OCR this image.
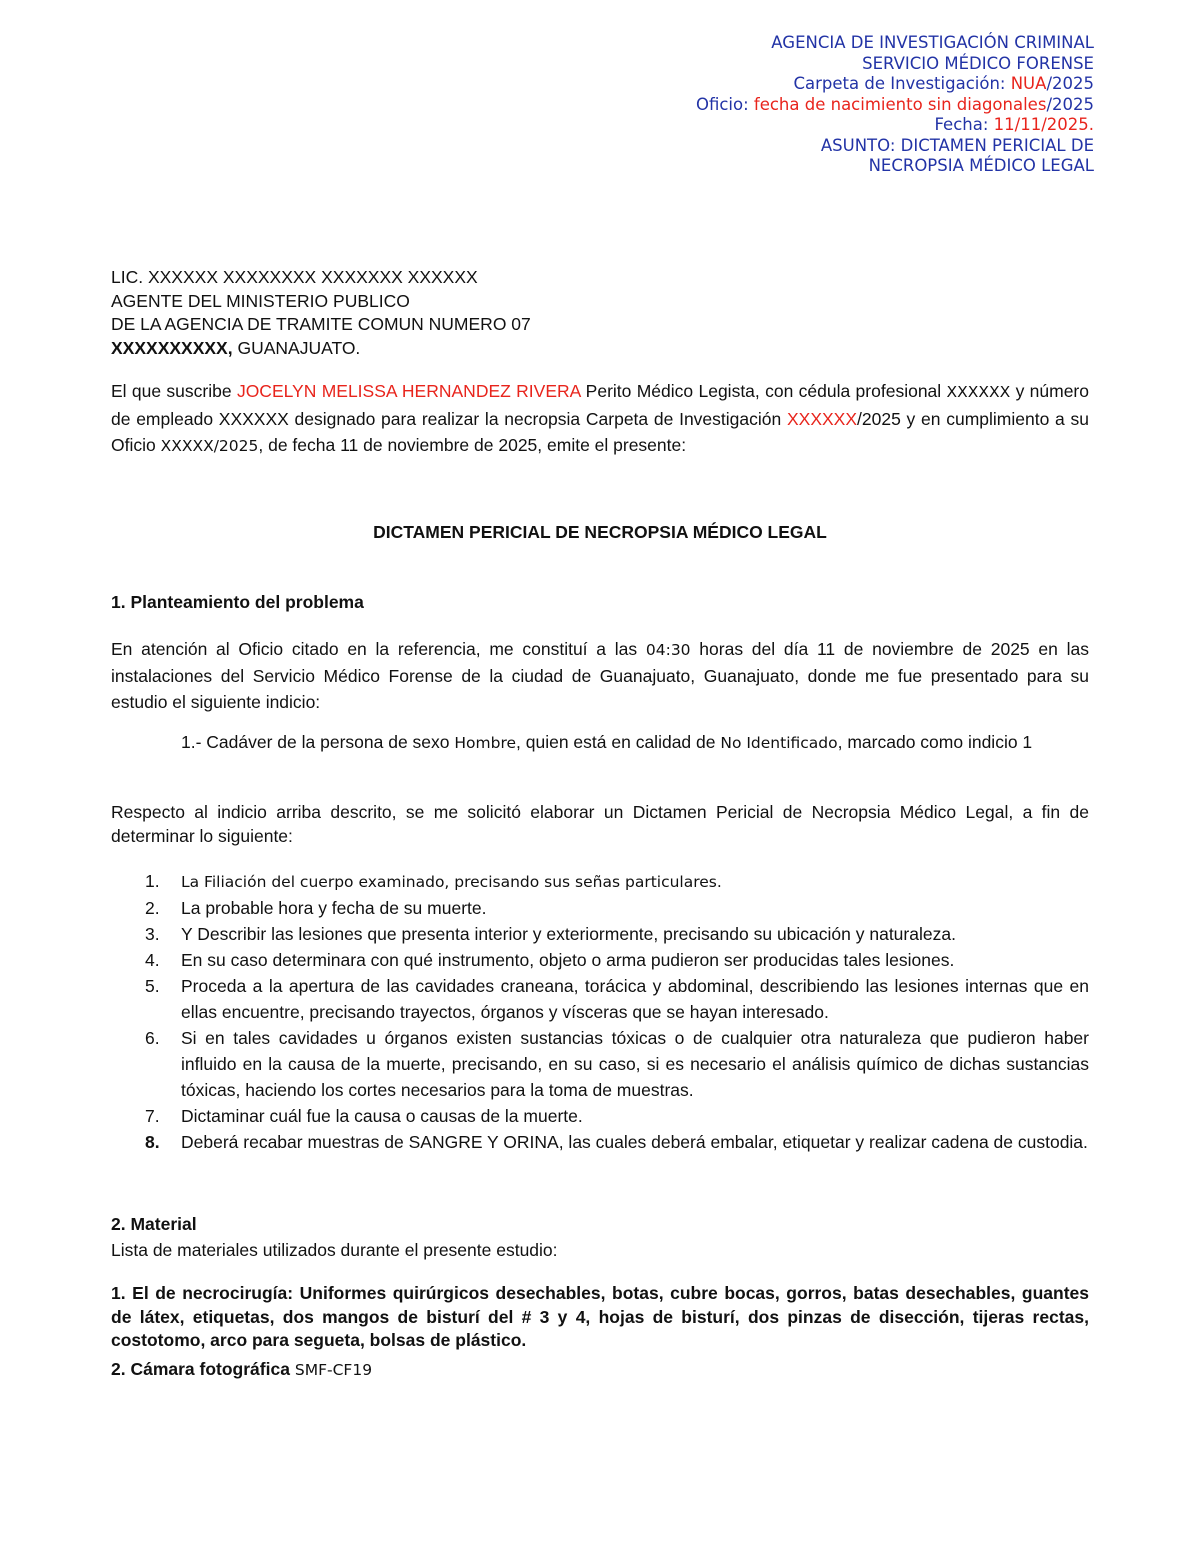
AGENCIA DE INVESTIGACIÓN CRIMINAL
SERVICIO MÉDICO FORENSE
Carpeta de Investigación: NUA/2025
Oficio: fecha de nacimiento sin diagonales/2025
Fecha: 11/11/2025.
ASUNTO: DICTAMEN PERICIAL DE
NECROPSIA MÉDICO LEGAL
LIC. XXXXXX XXXXXXXX XXXXXXX XXXXXX
AGENTE DEL MINISTERIO PUBLICO
DE LA AGENCIA DE TRAMITE COMUN NUMERO 07
XXXXXXXXXX, GUANAJUATO.
El que suscribe JOCELYN MELISSA HERNANDEZ RIVERA Perito Médico Legista, con cédula profesional XXXXXX y número de empleado XXXXXX designado para realizar la necropsia Carpeta de Investigación XXXXXX/2025 y en cumplimiento a su Oficio XXXXX/2025, de fecha 11 de noviembre de 2025, emite el presente:
DICTAMEN PERICIAL DE NECROPSIA MÉDICO LEGAL
1. Planteamiento del problema
En atención al Oficio citado en la referencia, me constituí a las 04:30 horas del día 11 de noviembre de 2025 en las instalaciones del Servicio Médico Forense de la ciudad de Guanajuato, Guanajuato, donde me fue presentado para su estudio el siguiente indicio:
1.- Cadáver de la persona de sexo Hombre, quien está en calidad de No Identificado, marcado como indicio 1
Respecto al indicio arriba descrito, se me solicitó elaborar un Dictamen Pericial de Necropsia Médico Legal, a fin de determinar lo siguiente:
1. La Filiación del cuerpo examinado, precisando sus señas particulares.
2. La probable hora y fecha de su muerte.
3. Y Describir las lesiones que presenta interior y exteriormente, precisando su ubicación y naturaleza.
4. En su caso determinara con qué instrumento, objeto o arma pudieron ser producidas tales lesiones.
5. Proceda a la apertura de las cavidades craneana, torácica y abdominal, describiendo las lesiones internas que en ellas encuentre, precisando trayectos, órganos y vísceras que se hayan interesado.
6. Si en tales cavidades u órganos existen sustancias tóxicas o de cualquier otra naturaleza que pudieron haber influido en la causa de la muerte, precisando, en su caso, si es necesario el análisis químico de dichas sustancias tóxicas, haciendo los cortes necesarios para la toma de muestras.
7. Dictaminar cuál fue la causa o causas de la muerte.
8. Deberá recabar muestras de SANGRE Y ORINA, las cuales deberá embalar, etiquetar y realizar cadena de custodia.
2. Material
Lista de materiales utilizados durante el presente estudio:
1. El de necrocirugía: Uniformes quirúrgicos desechables, botas, cubre bocas, gorros, batas desechables, guantes de látex, etiquetas, dos mangos de bisturí del # 3 y 4, hojas de bisturí, dos pinzas de disección, tijeras rectas, costotomo, arco para segueta, bolsas de plástico.
2. Cámara fotográfica SMF-CF19
